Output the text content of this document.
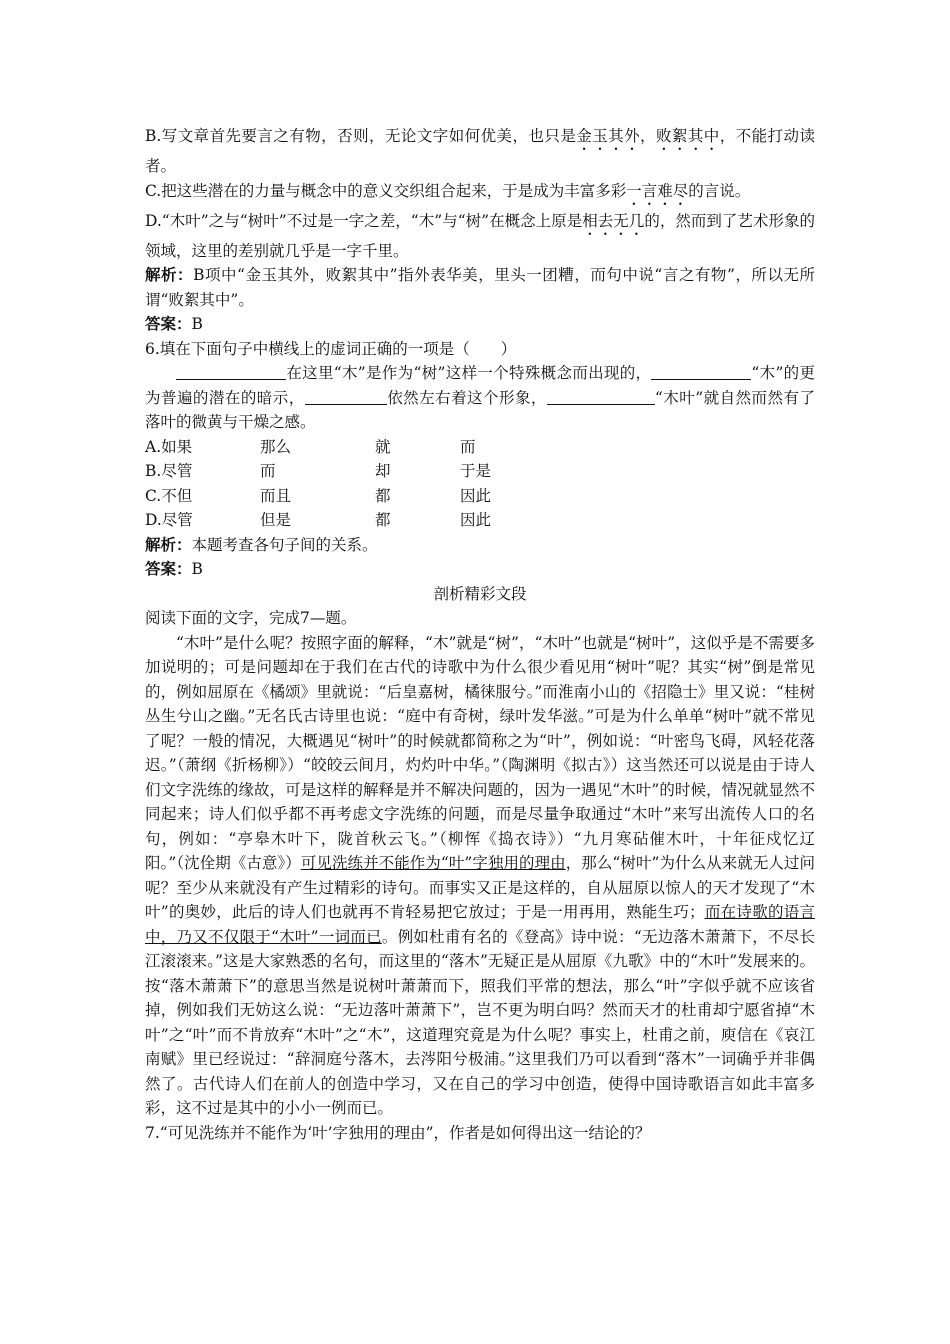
B.写文章首先要言之有物，否则，无论文字如何优美，也只是金玉其外，败絮其中，不能打动读者。

C.把这些潜在的力量与概念中的意义交织组合起来，于是成为丰富多彩一言难尽的言说。

D.“木叶”之与“树叶”不过是一字之差，“木”与“树”在概念上原是相去无几的，然而到了艺术形象的领域，这里的差别就几乎是一字千里。

解析：B项中“金玉其外，败絮其中”指外表华美，里头一团糟，而句中说“言之有物”，所以无所谓“败絮其中”。

答案：B

6.填在下面句子中横线上的虚词正确的一项是（　　）

在这里“木”是作为“树”这样一个特殊概念而出现的，	“木”的更为普遍的潜在的暗示，	依然左右着这个形象，	“木叶”就自然而然有了落叶的微黄与干燥之感。

A.如果	那么	就	而
B.尽管	而	却	于是
C.不但	而且	都	因此
D.尽管	但是	都	因此

解析：本题考查各句子间的关系。

答案：B

剖析精彩文段

阅读下面的文字，完成7—题。

“木叶”是什么呢？按照字面的解释，“木”就是“树”，“木叶”也就是“树叶”，这似乎是不需要多加说明的；可是问题却在于我们在古代的诗歌中为什么很少看见用“树叶”呢？其实“树”倒是常见的，例如屈原在《橘颂》里就说：“后皇嘉树，橘徕服兮。”而淮南小山的《招隐士》里又说：“桂树丛生兮山之幽。”无名氏古诗里也说：“庭中有奇树，绿叶发华滋。”可是为什么单单“树叶”就不常见了呢？一般的情况，大概遇见“树叶”的时候就都简称之为“叶”，例如说：“叶密鸟飞碍，风轻花落迟。”（萧纲《折杨柳》）“皎皎云间月，灼灼叶中华。”（陶渊明《拟古》）这当然还可以说是由于诗人们文字洗练的缘故，可是这样的解释是并不解决问题的，因为一遇见“木叶”的时候，情况就显然不同起来；诗人们似乎都不再考虑文字洗练的问题，而是尽量争取通过“木叶”来写出流传人口的名句，例如：“亭皋木叶下，陇首秋云飞。”（柳恽《捣衣诗》）“九月寒砧催木叶，十年征戍忆辽阳。”（沈佺期《古意》）可见洗练并不能作为“叶”字独用的理由，那么“树叶”为什么从来就无人过问呢？至少从来就没有产生过精彩的诗句。而事实又正是这样的，自从屈原以惊人的天才发现了“木叶”的奥妙，此后的诗人们也就再不肯轻易把它放过；于是一用再用，熟能生巧；而在诗歌的语言中，乃又不仅限于“木叶”一词而已。例如杜甫有名的《登高》诗中说：“无边落木萧萧下，不尽长江滚滚来。”这是大家熟悉的名句，而这里的“落木”无疑正是从屈原《九歌》中的“木叶”发展来的。按“落木萧萧下”的意思当然是说树叶萧萧而下，照我们平常的想法，那么“叶”字似乎就不应该省掉，例如我们无妨这么说：“无边落叶萧萧下”，岂不更为明白吗？然而天才的杜甫却宁愿省掉“木叶”之“叶”而不肯放弃“木叶”之“木”，这道理究竟是为什么呢？事实上，杜甫之前，庾信在《哀江南赋》里已经说过：“辞洞庭兮落木，去涔阳兮极浦。”这里我们乃可以看到“落木”一词确乎并非偶然了。古代诗人们在前人的创造中学习，又在自己的学习中创造，使得中国诗歌语言如此丰富多彩，这不过是其中的小小一例而已。

7.“可见洗练并不能作为‘叶’字独用的理由”，作者是如何得出这一结论的？
